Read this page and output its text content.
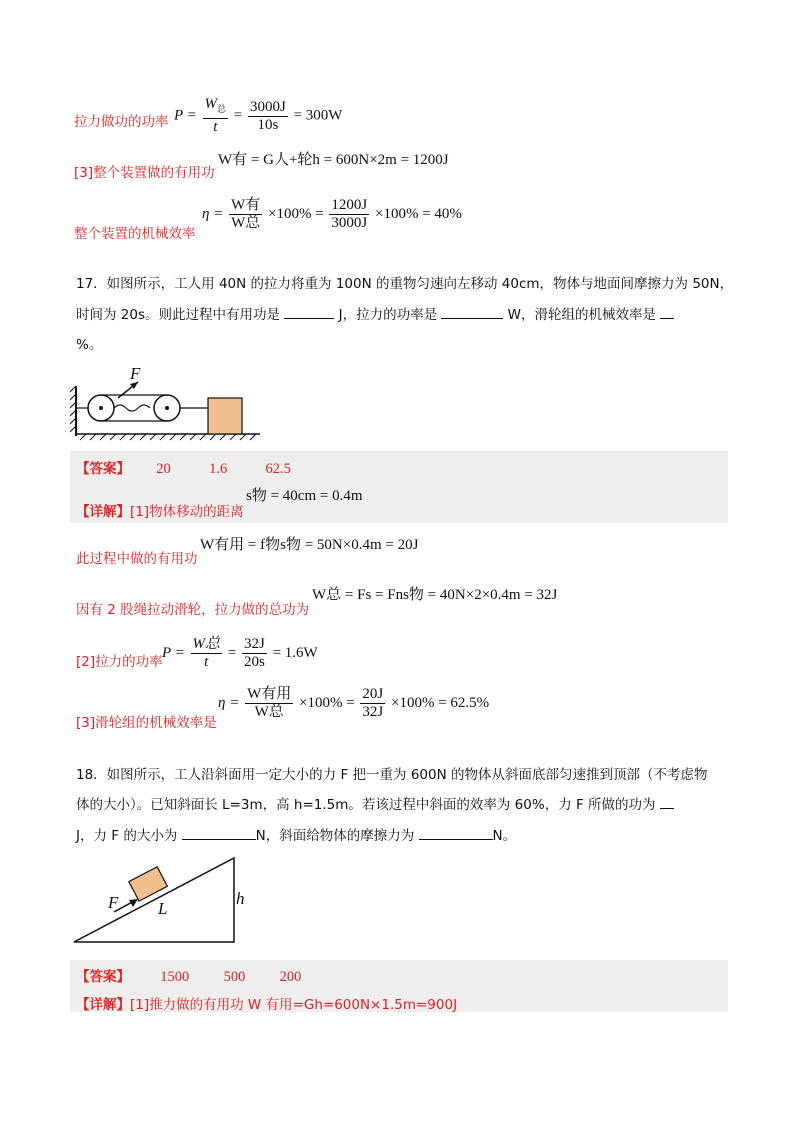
拉力做功的功率 $P = \frac{W_总}{t} = \frac{3000J}{10s} = 300W$
[3]整个装置做的有用功
W有 = G人+轮h = 600N×2m = 1200J
整个装置的机械效率
$\eta = \frac{\text{W有}}{\text{W总}} \times 100\% = \frac{1200J}{3000J} \times 100\% = 40\%$
17．如图所示，工人用 40N 的拉力将重为 100N 的重物匀速向左移动 40cm，物体与地面间摩擦力为 50N，
时间为 20s。则此过程中有用功是	J，拉力的功率是	W，滑轮组的机械效率是
%。
F
【答案】 20	1.6	62.5
【详解】[1]物体移动的距离
s物 = 40cm = 0.4m
此过程中做的有用功
W有用 = f物s物 = 50N×0.4m = 20J
因有 2 股绳拉动滑轮，拉力做的总功为
W总 = Fs = Fns物 = 40N×2×0.4m = 32J
[2]拉力的功率
$P = \frac{\text{W总}}{t} = \frac{32J}{20s} = 1.6W$
[3]滑轮组的机械效率是
$\eta = \frac{\text{W有用}}{\text{W总}} \times 100\% = \frac{20J}{32J} \times 100\% = 62.5\%$
18．如图所示，工人沿斜面用一定大小的力 F 把一重为 600N 的物体从斜面底部匀速推到顶部（不考虑物
体的大小）。已知斜面长 L=3m，高 h=1.5m。若该过程中斜面的效率为 60%，力 F 所做的功为
J，力 F 的大小为	N，斜面给物体的摩擦力为	N。
F L
h
【答案】 1500 500 200
【详解】[1]推力做的有用功 W 有用=Gh=600N×1.5m=900J
